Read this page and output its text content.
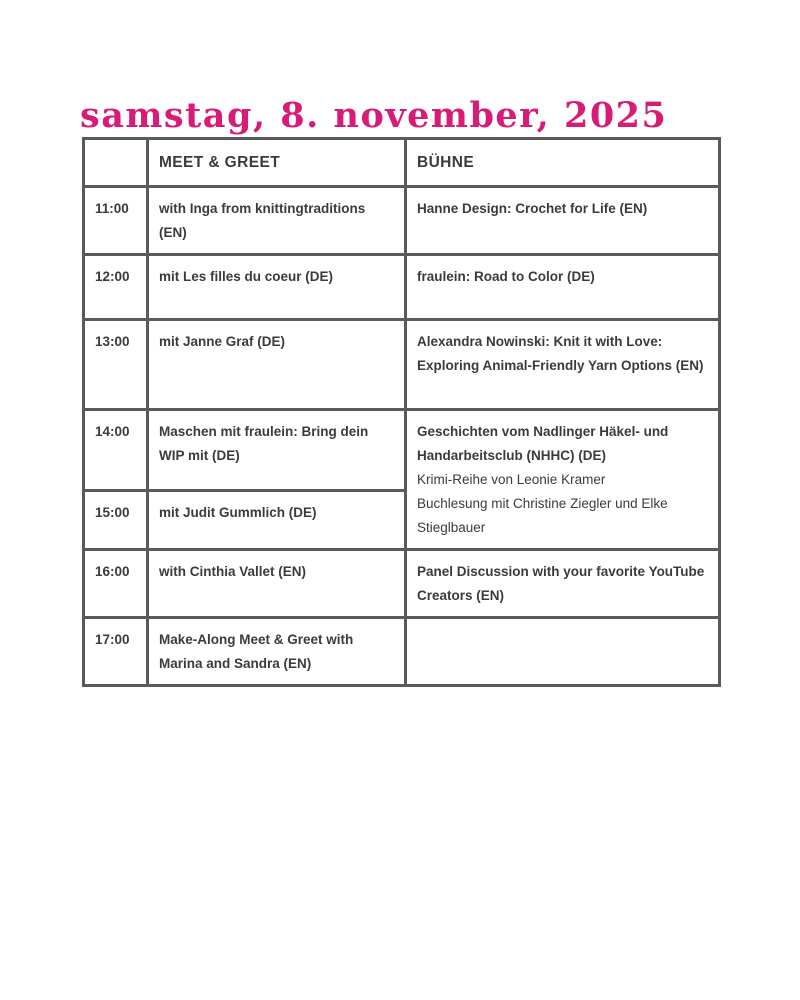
samstag, 8. november, 2025
	MEET & GREET	BÜHNE
11:00	with Inga from knittingtraditions (EN)	Hanne Design: Crochet for Life (EN)
12:00	mit Les filles du coeur (DE)	fraulein: Road to Color (DE)
13:00	mit Janne Graf (DE)	Alexandra Nowinski: Knit it with Love: Exploring Animal-Friendly Yarn Options (EN)
14:00	Maschen mit fraulein: Bring dein WIP mit (DE)	Geschichten vom Nadlinger Häkel- und Handarbeitsclub (NHHC) (DE)
Krimi-Reihe von Leonie Kramer
Buchlesung mit Christine Ziegler und Elke Stieglbauer

15:00	mit Judit Gummlich (DE)	
16:00	with Cinthia Vallet (EN)	Panel Discussion with your favorite YouTube Creators (EN)
17:00	Make-Along Meet & Greet with Marina and Sandra (EN)	
